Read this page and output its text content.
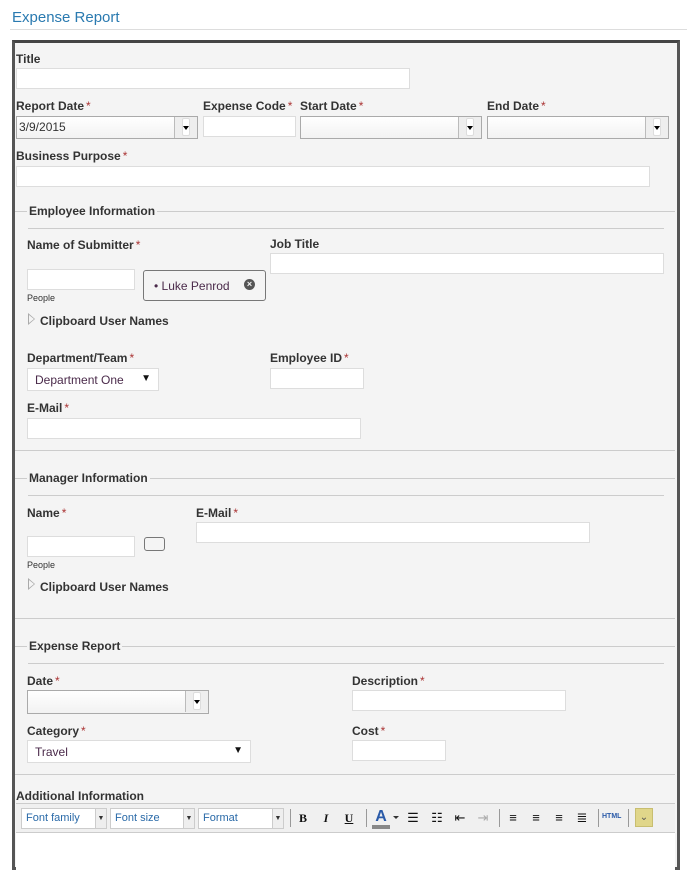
Expense Report
Title
Report Date *
3/9/2015
Expense Code * Start Date *	End Date *
Business Purpose *
Employee Information
Name of Submitter *
People
• Luke Penrod	×
Clipboard User Names
Job Title
Department/Team *
Department One ▼
Employee ID *
E-Mail *
Manager Information
Name *
People
Clipboard User Names
E-Mail *
Expense Report
Date *	Description *
Category *
Travel	▼
Cost *
Additional Information
Font family	▼ Font size	▼ Format	▼	B	I	U A ☰ ☷ ⇤ ⇥	≡	≡	≡	≣	HTML	⌄
